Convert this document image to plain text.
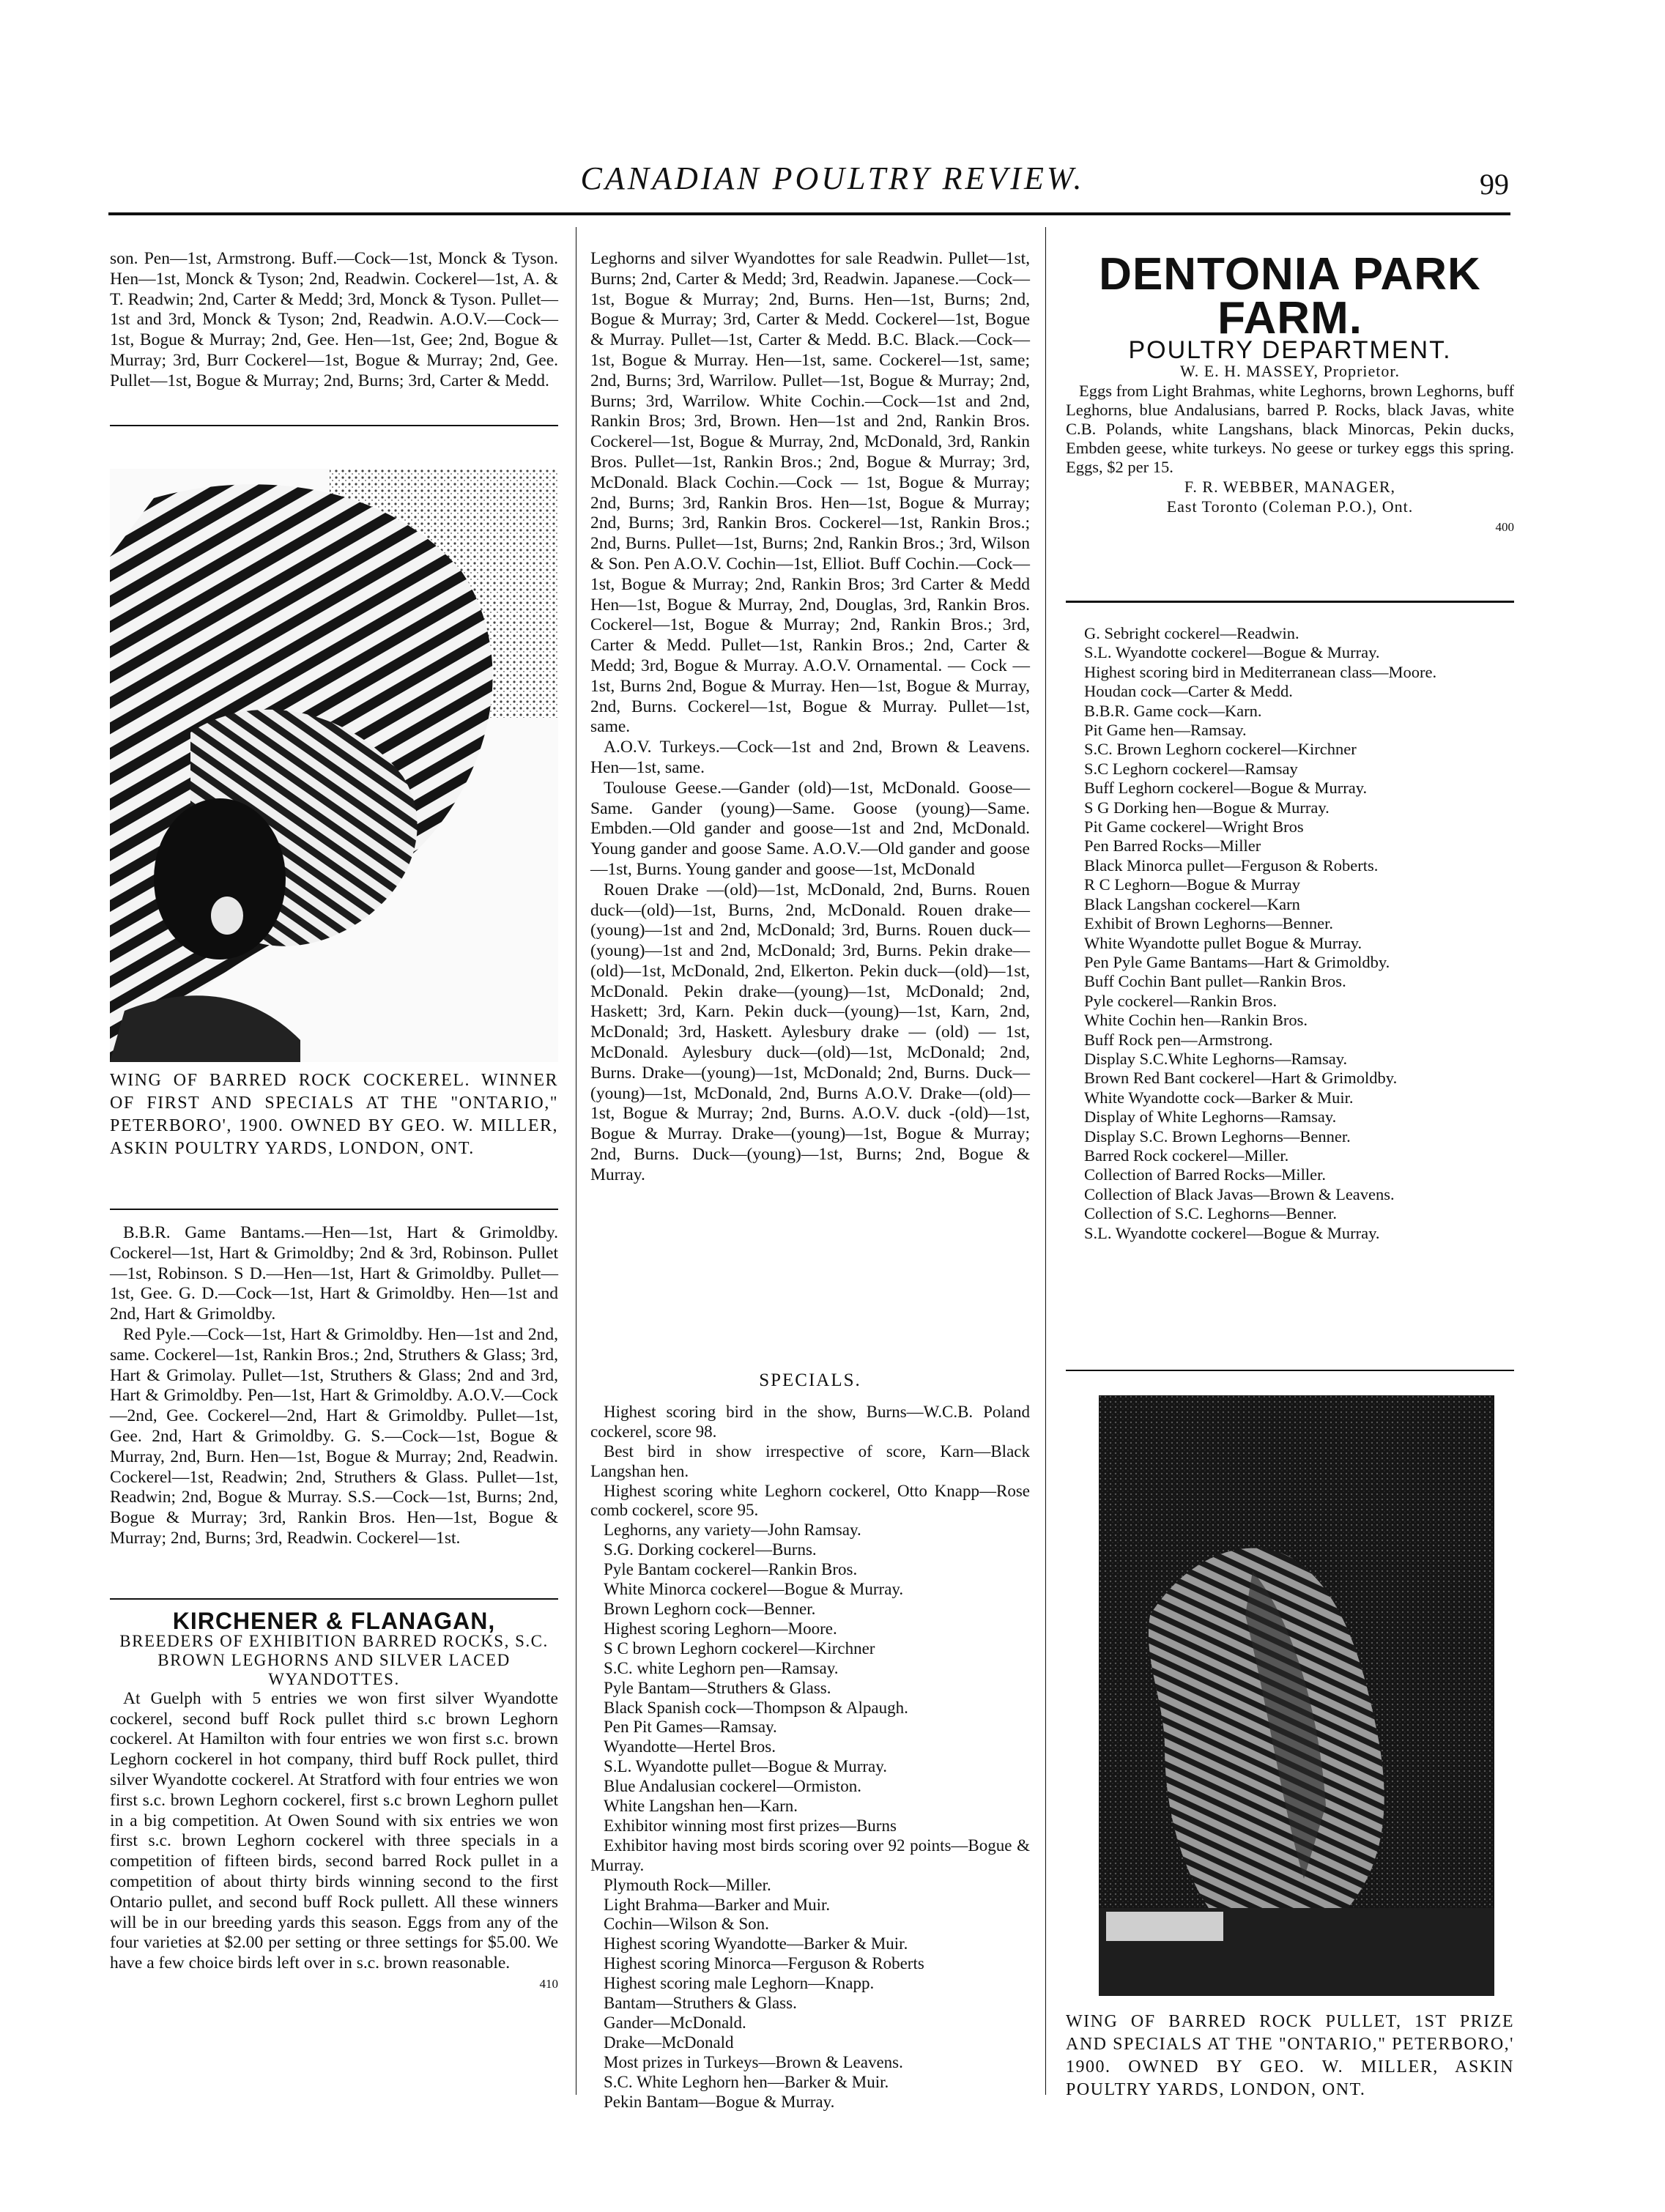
CANADIAN POULTRY REVIEW.	99

son. Pen—1st, Armstrong. Buff.—Cock—1st, Monck & Tyson. Hen—1st, Monck & Tyson; 2nd, Readwin. Cockerel—1st, A. & T. Readwin; 2nd, Carter & Medd; 3rd, Monck & Tyson. Pullet—1st and 3rd, Monck & Tyson; 2nd, Readwin. A.O.V.—Cock—1st, Bogue & Murray; 2nd, Gee. Hen—1st, Gee; 2nd, Bogue & Murray; 3rd, Burr Cockerel—1st, Bogue & Murray; 2nd, Gee. Pullet—1st, Bogue & Murray; 2nd, Burns; 3rd, Carter & Medd.

WING OF BARRED ROCK COCKEREL. WINNER OF FIRST AND SPECIALS AT THE "ONTARIO," PETERBORO', 1900. OWNED BY GEO. W. MILLER, ASKIN POULTRY YARDS, LONDON, ONT.

B.B.R. Game Bantams.—Hen—1st, Hart & Grimoldby. Cockerel—1st, Hart & Grimoldby; 2nd & 3rd, Robinson. Pullet—1st, Robinson. S D.—Hen—1st, Hart & Grimoldby. Pullet—1st, Gee. G. D.—Cock—1st, Hart & Grimoldby. Hen—1st and 2nd, Hart & Grimoldby.

Red Pyle.—Cock—1st, Hart & Grimoldby. Hen—1st and 2nd, same. Cockerel—1st, Rankin Bros.; 2nd, Struthers & Glass; 3rd, Hart & Grimolay. Pullet—1st, Struthers & Glass; 2nd and 3rd, Hart & Grimoldby. Pen—1st, Hart & Grimoldby. A.O.V.—Cock—2nd, Gee. Cockerel—2nd, Hart & Grimoldby. Pullet—1st, Gee. 2nd, Hart & Grimoldby. G. S.—Cock—1st, Bogue & Murray, 2nd, Burn. Hen—1st, Bogue & Murray; 2nd, Readwin. Cockerel—1st, Readwin; 2nd, Struthers & Glass. Pullet—1st, Readwin; 2nd, Bogue & Murray. S.S.—Cock—1st, Burns; 2nd, Bogue & Murray; 3rd, Rankin Bros. Hen—1st, Bogue & Murray; 2nd, Burns; 3rd, Readwin. Cockerel—1st.

KIRCHENER & FLANAGAN,

BREEDERS OF EXHIBITION BARRED ROCKS, S.C. BROWN LEGHORNS AND SILVER LACED WYANDOTTES.

At Guelph with 5 entries we won first silver Wyandotte cockerel, second buff Rock pullet third s.c brown Leghorn cockerel. At Hamilton with four entries we won first s.c. brown Leghorn cockerel in hot company, third buff Rock pullet, third silver Wyandotte cockerel. At Stratford with four entries we won first s.c. brown Leghorn cockerel, first s.c brown Leghorn pullet in a big competition. At Owen Sound with six entries we won first s.c. brown Leghorn cockerel with three specials in a competition of fifteen birds, second barred Rock pullet in a competition of about thirty birds winning second to the first Ontario pullet, and second buff Rock pullett. All these winners will be in our breeding yards this season. Eggs from any of the four varieties at $2.00 per setting or three settings for $5.00. We have a few choice birds left over in s.c. brown reasonable.

410

Leghorns and silver Wyandottes for sale Readwin. Pullet—1st, Burns; 2nd, Carter & Medd; 3rd, Readwin. Japanese.—Cock—1st, Bogue & Murray; 2nd, Burns. Hen—1st, Burns; 2nd, Bogue & Murray; 3rd, Carter & Medd. Cockerel—1st, Bogue & Murray. Pullet—1st, Carter & Medd. B.C. Black.—Cock—1st, Bogue & Murray. Hen—1st, same. Cockerel—1st, same; 2nd, Burns; 3rd, Warrilow. Pullet—1st, Bogue & Murray; 2nd, Burns; 3rd, Warrilow. White Cochin.—Cock—1st and 2nd, Rankin Bros; 3rd, Brown. Hen—1st and 2nd, Rankin Bros. Cockerel—1st, Bogue & Murray, 2nd, McDonald, 3rd, Rankin Bros. Pullet—1st, Rankin Bros.; 2nd, Bogue & Murray; 3rd, McDonald. Black Cochin.—Cock — 1st, Bogue & Murray; 2nd, Burns; 3rd, Rankin Bros. Hen—1st, Bogue & Murray; 2nd, Burns; 3rd, Rankin Bros. Cockerel—1st, Rankin Bros.; 2nd, Burns. Pullet—1st, Burns; 2nd, Rankin Bros.; 3rd, Wilson & Son. Pen A.O.V. Cochin—1st, Elliot. Buff Cochin.—Cock—1st, Bogue & Murray; 2nd, Rankin Bros; 3rd Carter & Medd Hen—1st, Bogue & Murray, 2nd, Douglas, 3rd, Rankin Bros. Cockerel—1st, Bogue & Murray; 2nd, Rankin Bros.; 3rd, Carter & Medd. Pullet—1st, Rankin Bros.; 2nd, Carter & Medd; 3rd, Bogue & Murray. A.O.V. Ornamental. — Cock — 1st, Burns 2nd, Bogue & Murray. Hen—1st, Bogue & Murray, 2nd, Burns. Cockerel—1st, Bogue & Murray. Pullet—1st, same.

A.O.V. Turkeys.—Cock—1st and 2nd, Brown & Leavens. Hen—1st, same.

Toulouse Geese.—Gander (old)—1st, McDonald. Goose—Same. Gander (young)—Same. Goose (young)—Same. Embden.—Old gander and goose—1st and 2nd, McDonald. Young gander and goose Same. A.O.V.—Old gander and goose—1st, Burns. Young gander and goose—1st, McDonald

Rouen Drake —(old)—1st, McDonald, 2nd, Burns. Rouen duck—(old)—1st, Burns, 2nd, McDonald. Rouen drake—(young)—1st and 2nd, McDonald; 3rd, Burns. Rouen duck—(young)—1st and 2nd, McDonald; 3rd, Burns. Pekin drake—(old)—1st, McDonald, 2nd, Elkerton. Pekin duck—(old)—1st, McDonald. Pekin drake—(young)—1st, McDonald; 2nd, Haskett; 3rd, Karn. Pekin duck—(young)—1st, Karn, 2nd, McDonald; 3rd, Haskett. Aylesbury drake — (old) — 1st, McDonald. Aylesbury duck—(old)—1st, McDonald; 2nd, Burns. Drake—(young)—1st, McDonald; 2nd, Burns. Duck—(young)—1st, McDonald, 2nd, Burns A.O.V. Drake—(old)—1st, Bogue & Murray; 2nd, Burns. A.O.V. duck -(old)—1st, Bogue & Murray. Drake—(young)—1st, Bogue & Murray; 2nd, Burns. Duck—(young)—1st, Burns; 2nd, Bogue & Murray.

SPECIALS.

Highest scoring bird in the show, Burns—W.C.B. Poland cockerel, score 98.

Best bird in show irrespective of score, Karn—Black Langshan hen.

Highest scoring white Leghorn cockerel, Otto Knapp—Rose comb cockerel, score 95.

Leghorns, any variety—John Ramsay.

S.G. Dorking cockerel—Burns.

Pyle Bantam cockerel—Rankin Bros.

White Minorca cockerel—Bogue & Murray.

Brown Leghorn cock—Benner.

Highest scoring Leghorn—Moore.

S C brown Leghorn cockerel—Kirchner

S.C. white Leghorn pen—Ramsay.

Pyle Bantam—Struthers & Glass.

Black Spanish cock—Thompson & Alpaugh.

Pen Pit Games—Ramsay.

Wyandotte—Hertel Bros.

S.L. Wyandotte pullet—Bogue & Murray.

Blue Andalusian cockerel—Ormiston.

White Langshan hen—Karn.

Exhibitor winning most first prizes—Burns

Exhibitor having most birds scoring over 92 points—Bogue & Murray.

Plymouth Rock—Miller.

Light Brahma—Barker and Muir.

Cochin—Wilson & Son.

Highest scoring Wyandotte—Barker & Muir.

Highest scoring Minorca—Ferguson & Roberts

Highest scoring male Leghorn—Knapp.

Bantam—Struthers & Glass.

Gander—McDonald.

Drake—McDonald

Most prizes in Turkeys—Brown & Leavens.

S.C. White Leghorn hen—Barker & Muir.

Pekin Bantam—Bogue & Murray.

DENTONIA PARK FARM.

POULTRY DEPARTMENT.

W. E. H. MASSEY, Proprietor.

Eggs from Light Brahmas, white Leghorns, brown Leghorns, buff Leghorns, blue Andalusians, barred P. Rocks, black Javas, white C.B. Polands, white Langshans, black Minorcas, Pekin ducks, Embden geese, white turkeys. No geese or turkey eggs this spring. Eggs, $2 per 15.

F. R. WEBBER, MANAGER,

East Toronto (Coleman P.O.), Ont.

400

G. Sebright cockerel—Readwin.

S.L. Wyandotte cockerel—Bogue & Murray.

Highest scoring bird in Mediterranean class—Moore.

Houdan cock—Carter & Medd.

B.B.R. Game cock—Karn.

Pit Game hen—Ramsay.

S.C. Brown Leghorn cockerel—Kirchner

S.C Leghorn cockerel—Ramsay

Buff Leghorn cockerel—Bogue & Murray.

S G Dorking hen—Bogue & Murray.

Pit Game cockerel—Wright Bros

Pen Barred Rocks—Miller

Black Minorca pullet—Ferguson & Roberts.

R C Leghorn—Bogue & Murray

Black Langshan cockerel—Karn

Exhibit of Brown Leghorns—Benner.

White Wyandotte pullet Bogue & Murray.

Pen Pyle Game Bantams—Hart & Grimoldby.

Buff Cochin Bant pullet—Rankin Bros.

Pyle cockerel—Rankin Bros.

White Cochin hen—Rankin Bros.

Buff Rock pen—Armstrong.

Display S.C.White Leghorns—Ramsay.

Brown Red Bant cockerel—Hart & Grimoldby.

White Wyandotte cock—Barker & Muir.

Display of White Leghorns—Ramsay.

Display S.C. Brown Leghorns—Benner.

Barred Rock cockerel—Miller.

Collection of Barred Rocks—Miller.

Collection of Black Javas—Brown & Leavens.

Collection of S.C. Leghorns—Benner.

S.L. Wyandotte cockerel—Bogue & Murray.

WING OF BARRED ROCK PULLET, 1ST PRIZE AND SPECIALS AT THE "ONTARIO," PETERBORO,' 1900. OWNED BY GEO. W. MILLER, ASKIN POULTRY YARDS, LONDON, ONT.
